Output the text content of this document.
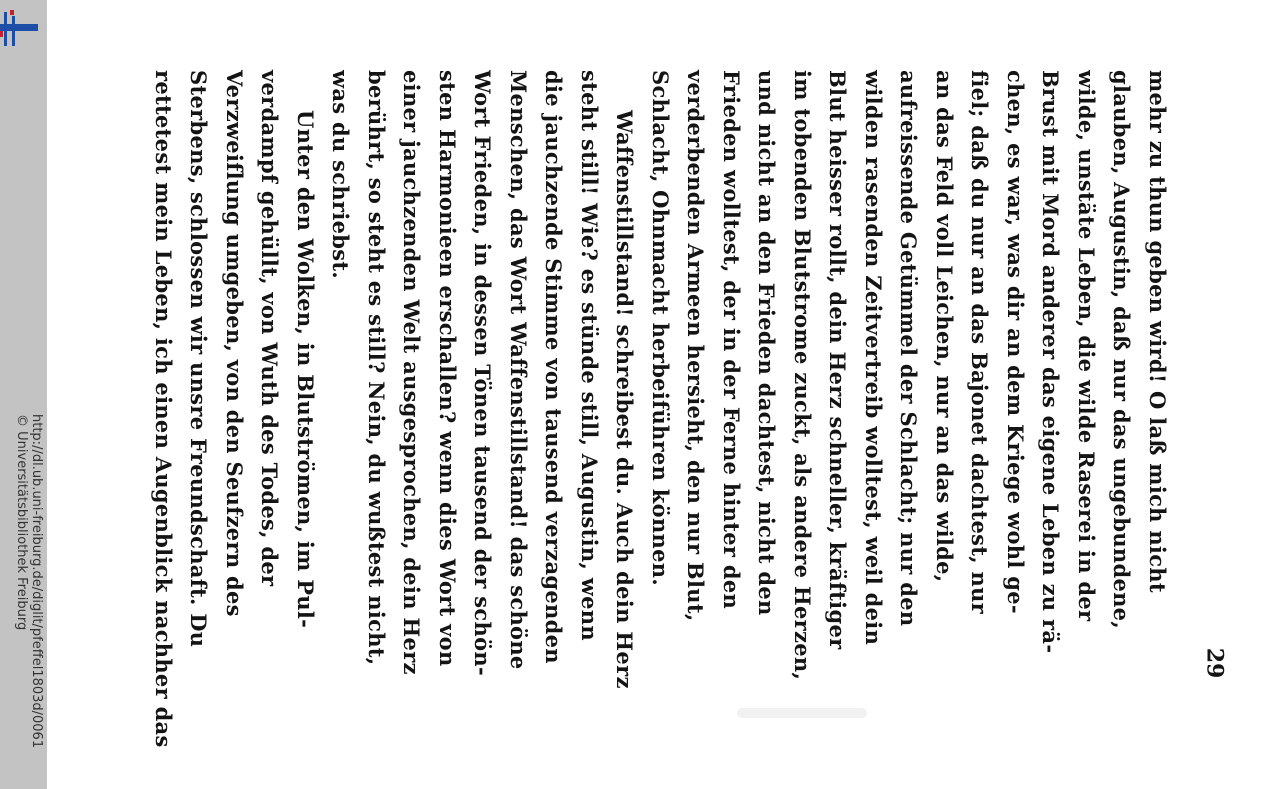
http://dl.ub.uni-freiburg.de/diglit/pfeffel1803d/0061
© Universitätsbibliothek Freiburg	mehr zu thun geben wird! O laß mich nicht
glauben, Augustin, daß nur das ungebundene,
wilde, unstäte Leben, die wilde Raserei in der
Brust mit Mord anderer das eigene Leben zu rä-
chen, es war, was dir an dem Kriege wohl ge-
fiel; daß du nur an das Bajonet dachtest, nur
an das Feld voll Leichen, nur an das wilde,
aufreissende Getümmel der Schlacht; nur den
wilden rasenden Zeitvertreib wolltest, weil dein
Blut heisser rollt, dein Herz schneller, kräftiger
im tobenden Blutstrome zuckt, als andere Herzen,
und nicht an den Frieden dachtest, nicht den
Frieden wolltest, der in der Ferne hinter den
verderbenden Armeen hersieht, den nur Blut,
Schlacht, Ohnmacht herbeiführen können.
Waffenstillstand! schreibest du. Auch dein Herz
steht still! Wie? es stünde still, Augustin, wenn
die jauchzende Stimme von tausend verzagenden
Menschen, das Wort Waffenstillstand! das schöne
Wort Frieden, in dessen Tönen tausend der schön-
sten Harmonieen erschallen? wenn dies Wort von
einer jauchzenden Welt ausgesprochen, dein Herz
berührt, so steht es still? Nein, du wußtest nicht,
was du schriebst.
Unter den Wolken, in Blutströmen, im Pul-
verdampf gehüllt, von Wuth des Todes, der
Verzweiflung umgeben, von den Seufzern des
Sterbens, schlossen wir unsre Freundschaft. Du
rettetest mein Leben, ich einen Augenblick nachher das	29
